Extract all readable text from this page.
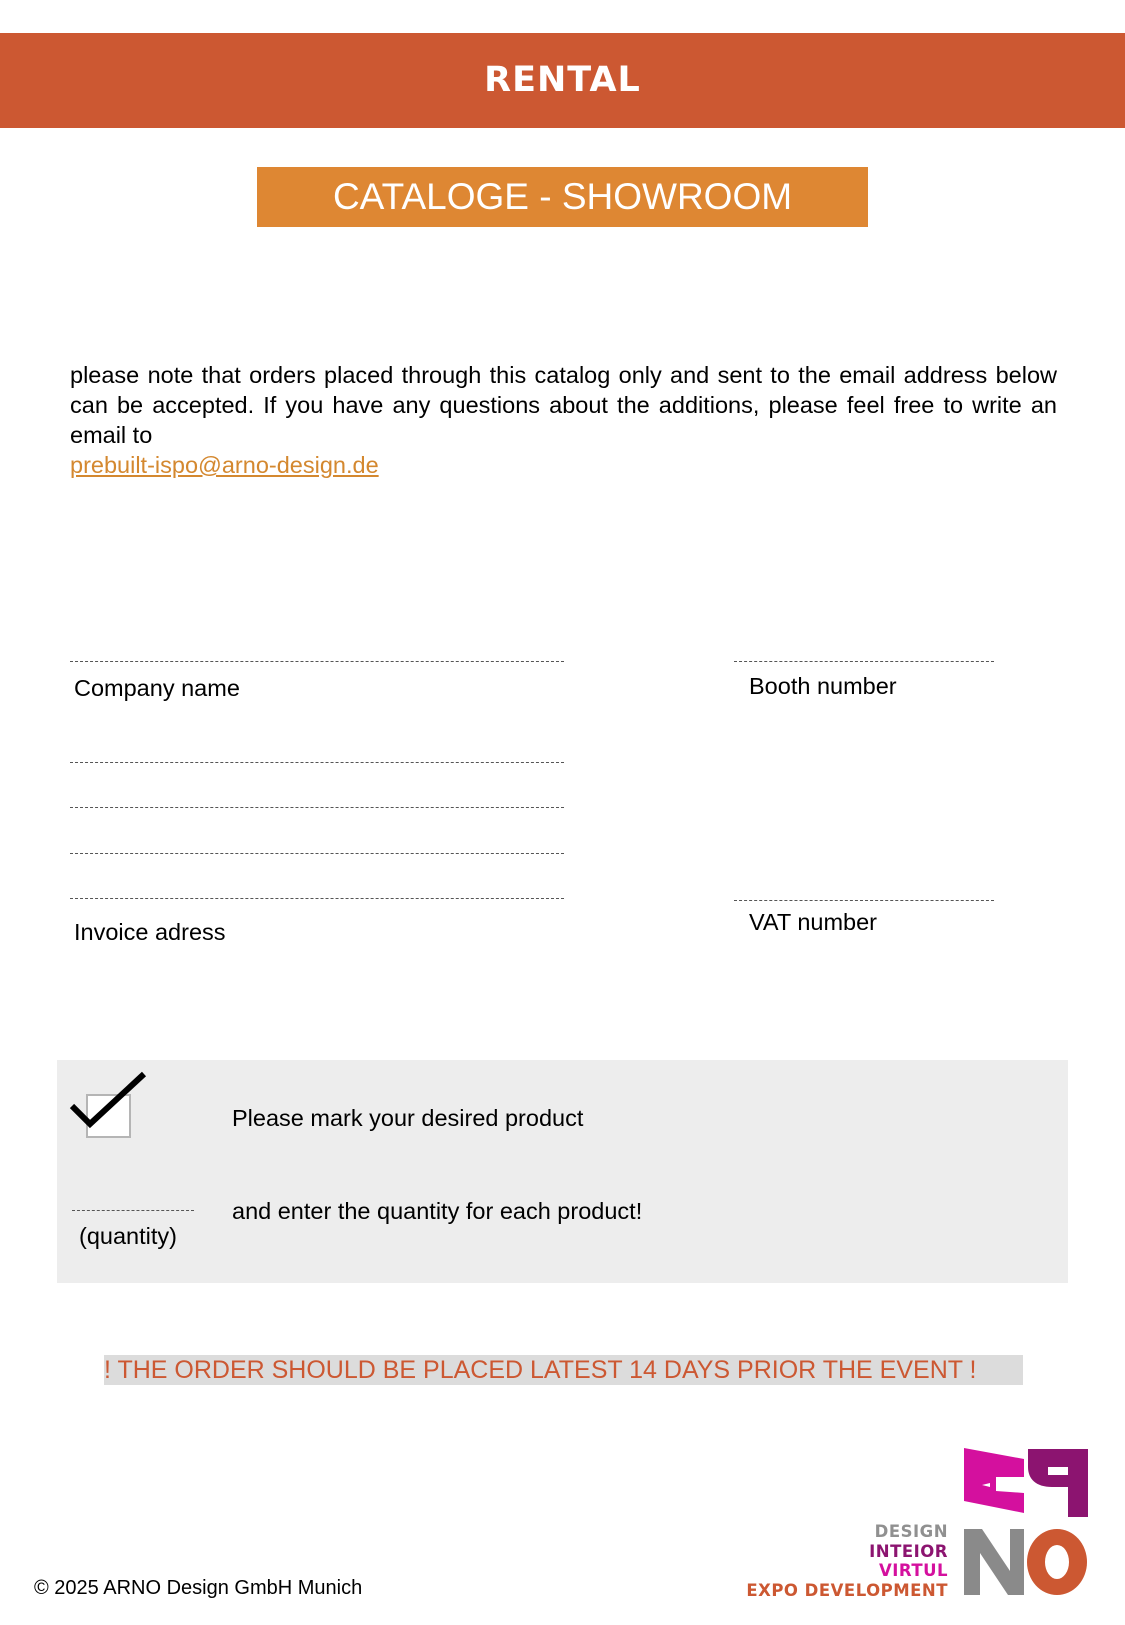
RENTAL
CATALOGE - SHOWROOM
please note that orders placed through this catalog only and sent to the email address below can be accepted. If you have any questions about the additions, please feel free to write an email to
prebuilt-ispo@arno-design.de
Company name	Booth number
Invoice adress	VAT number
Please mark your desired product
(quantity)
and enter the quantity for each product!
! THE ORDER SHOULD BE PLACED LATEST 14 DAYS PRIOR THE EVENT !
© 2025 ARNO Design GmbH Munich
DESIGN
INTEIOR
VIRTUL
EXPO DEVELOPMENT
